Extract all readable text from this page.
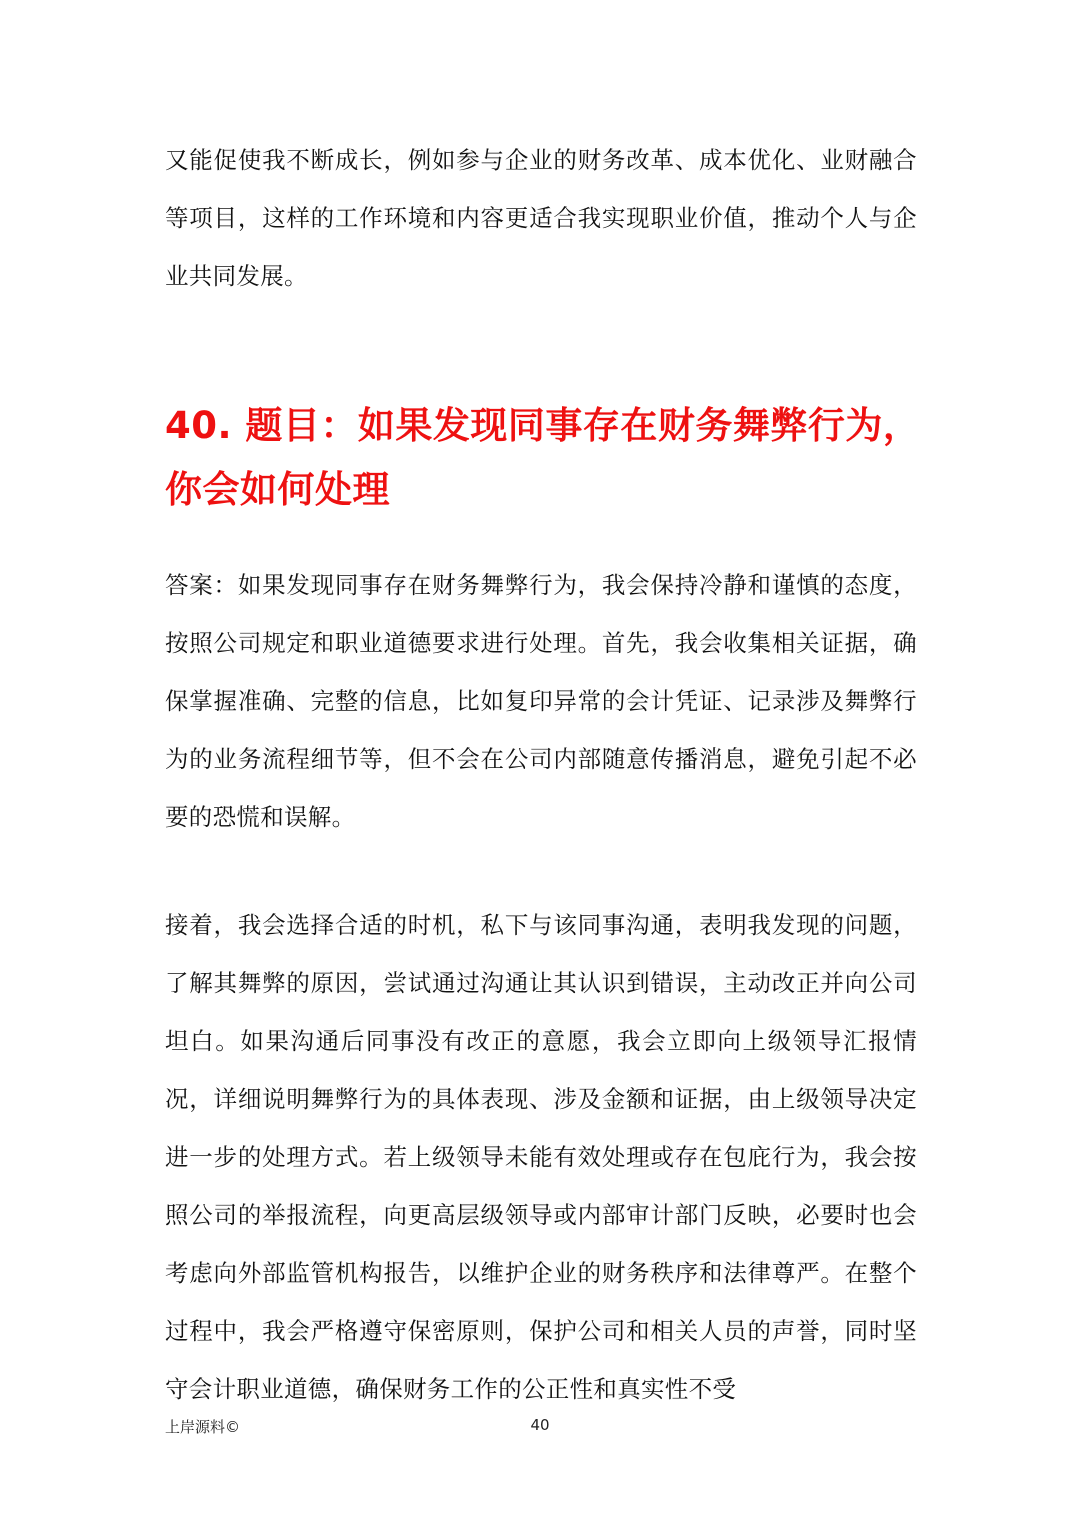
又能促使我不断成长，例如参与企业的财务改革、成本优化、业财融合等项目，这样的工作环境和内容更适合我实现职业价值，推动个人与企业共同发展。

40. 题目：如果发现同事存在财务舞弊行为，你会如何处理

答案：如果发现同事存在财务舞弊行为，我会保持冷静和谨慎的态度，按照公司规定和职业道德要求进行处理。首先，我会收集相关证据，确保掌握准确、完整的信息，比如复印异常的会计凭证、记录涉及舞弊行为的业务流程细节等，但不会在公司内部随意传播消息，避免引起不必要的恐慌和误解。

接着，我会选择合适的时机，私下与该同事沟通，表明我发现的问题，了解其舞弊的原因，尝试通过沟通让其认识到错误，主动改正并向公司坦白。如果沟通后同事没有改正的意愿，我会立即向上级领导汇报情况，详细说明舞弊行为的具体表现、涉及金额和证据，由上级领导决定进一步的处理方式。若上级领导未能有效处理或存在包庇行为，我会按照公司的举报流程，向更高层级领导或内部审计部门反映，必要时也会考虑向外部监管机构报告，以维护企业的财务秩序和法律尊严。在整个过程中，我会严格遵守保密原则，保护公司和相关人员的声誉，同时坚守会计职业道德，确保财务工作的公正性和真实性不受

上岸源料©	40
